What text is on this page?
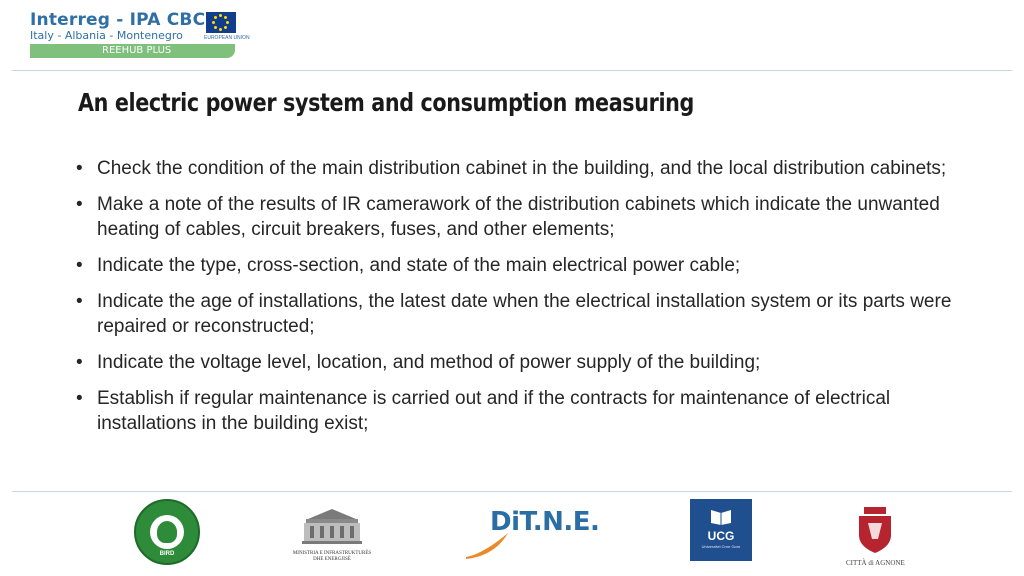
Interreg - IPA CBC
Italy - Albania - Montenegro	EUROPEAN UNION
REEHUB PLUS
An electric power system and consumption measuring
• Check the condition of the main distribution cabinet in the building, and the local distribution cabinets;
• Make a note of the results of IR camerawork of the distribution cabinets which indicate the unwanted heating of cables, circuit breakers, fuses, and other elements;
• Indicate the type, cross-section, and state of the main electrical power cable;
• Indicate the age of installations, the latest date when the electrical installation system or its parts were repaired or reconstructed;
• Indicate the voltage level, location, and method of power supply of the building;
• Establish if regular maintenance is carried out and if the contracts for maintenance of electrical installations in the building exist;
BIRD	MINISTRIA E INFRASTRUKTURËS DHE ENERGJISË
DiT.N.E.	UCG
Univerzitet Crne Gore
CITTÀ di AGNONE
